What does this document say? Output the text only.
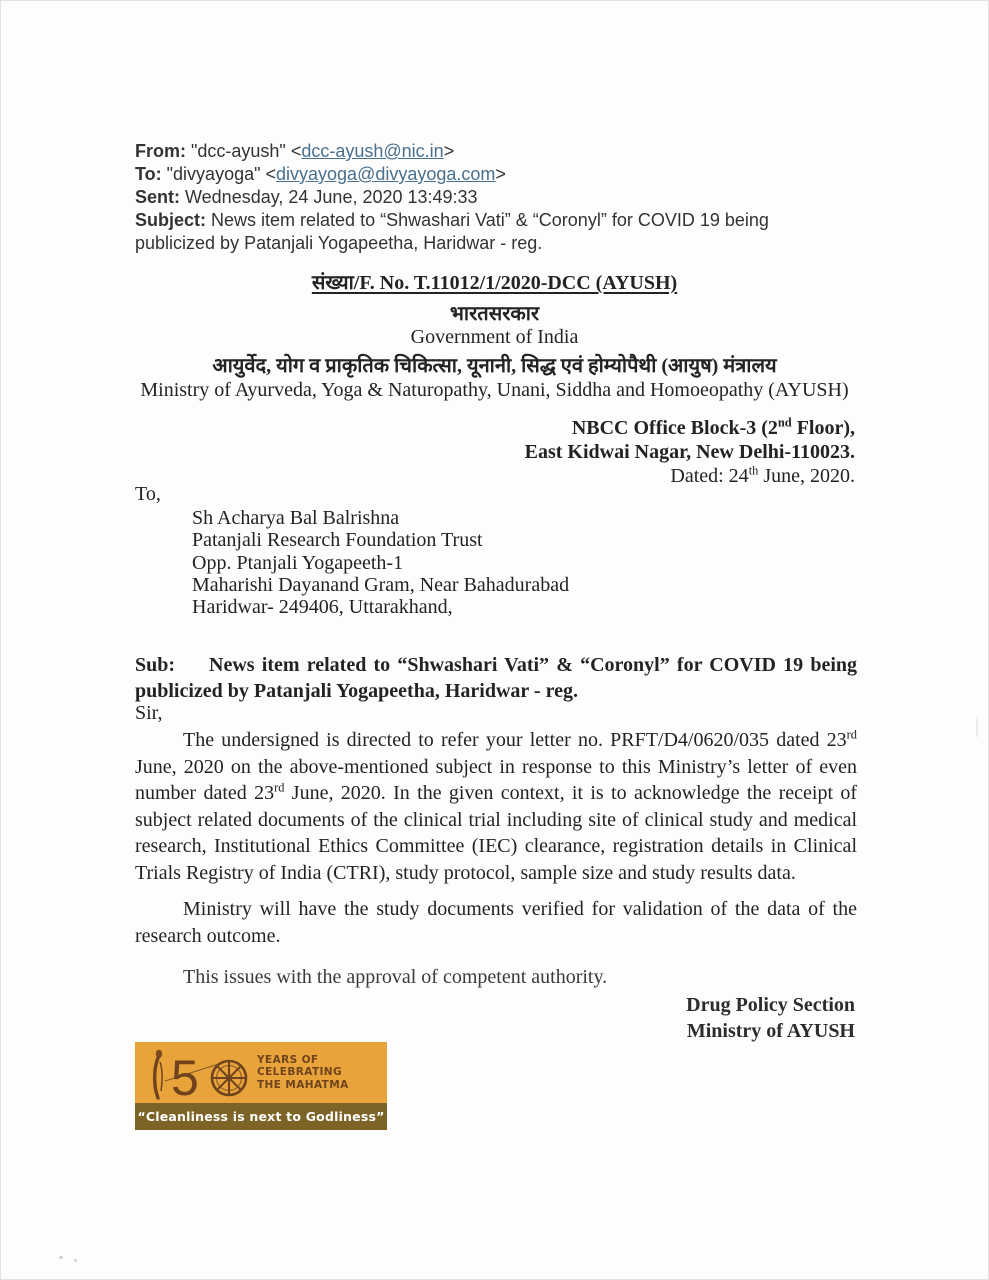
From: "dcc-ayush" <dcc-ayush@nic.in>
To: "divyayoga" <divyayoga@divyayoga.com>
Sent: Wednesday, 24 June, 2020 13:49:33
Subject: News item related to “Shwashari Vati” & “Coronyl” for COVID 19 being
publicized by Patanjali Yogapeetha, Haridwar - reg.
संख्या/F. No. T.11012/1/2020-DCC (AYUSH)
भारतसरकार
Government of India
आयुर्वेद, योग व प्राकृतिक चिकित्सा, यूनानी, सिद्ध एवं होम्योपैथी (आयुष) मंत्रालय
Ministry of Ayurveda, Yoga & Naturopathy, Unani, Siddha and Homoeopathy (AYUSH)
NBCC Office Block-3 (2nd Floor),
East Kidwai Nagar, New Delhi-110023.
Dated: 24th June, 2020.
To,
Sh Acharya Bal Balrishna
Patanjali Research Foundation Trust
Opp. Ptanjali Yogapeeth-1
Maharishi Dayanand Gram, Near Bahadurabad
Haridwar- 249406, Uttarakhand,
Sub: News item related to “Shwashari Vati” & “Coronyl” for COVID 19 being
publicized by Patanjali Yogapeetha, Haridwar - reg.
Sir,
The undersigned is directed to refer your letter no. PRFT/D4/0620/035 dated 23rd June, 2020 on the above-mentioned subject in response to this Ministry’s letter of even number dated 23rd June, 2020. In the given context, it is to acknowledge the receipt of subject related documents of the clinical trial including site of clinical study and medical research, Institutional Ethics Committee (IEC) clearance, registration details in Clinical Trials Registry of India (CTRI), study protocol, sample size and study results data.
Ministry will have the study documents verified for validation of the data of the research outcome.
This issues with the approval of competent authority.
Drug Policy Section
Ministry of AYUSH
5	YEARS OF
CELEBRATING
THE MAHATMA
“Cleanliness is next to Godliness”
